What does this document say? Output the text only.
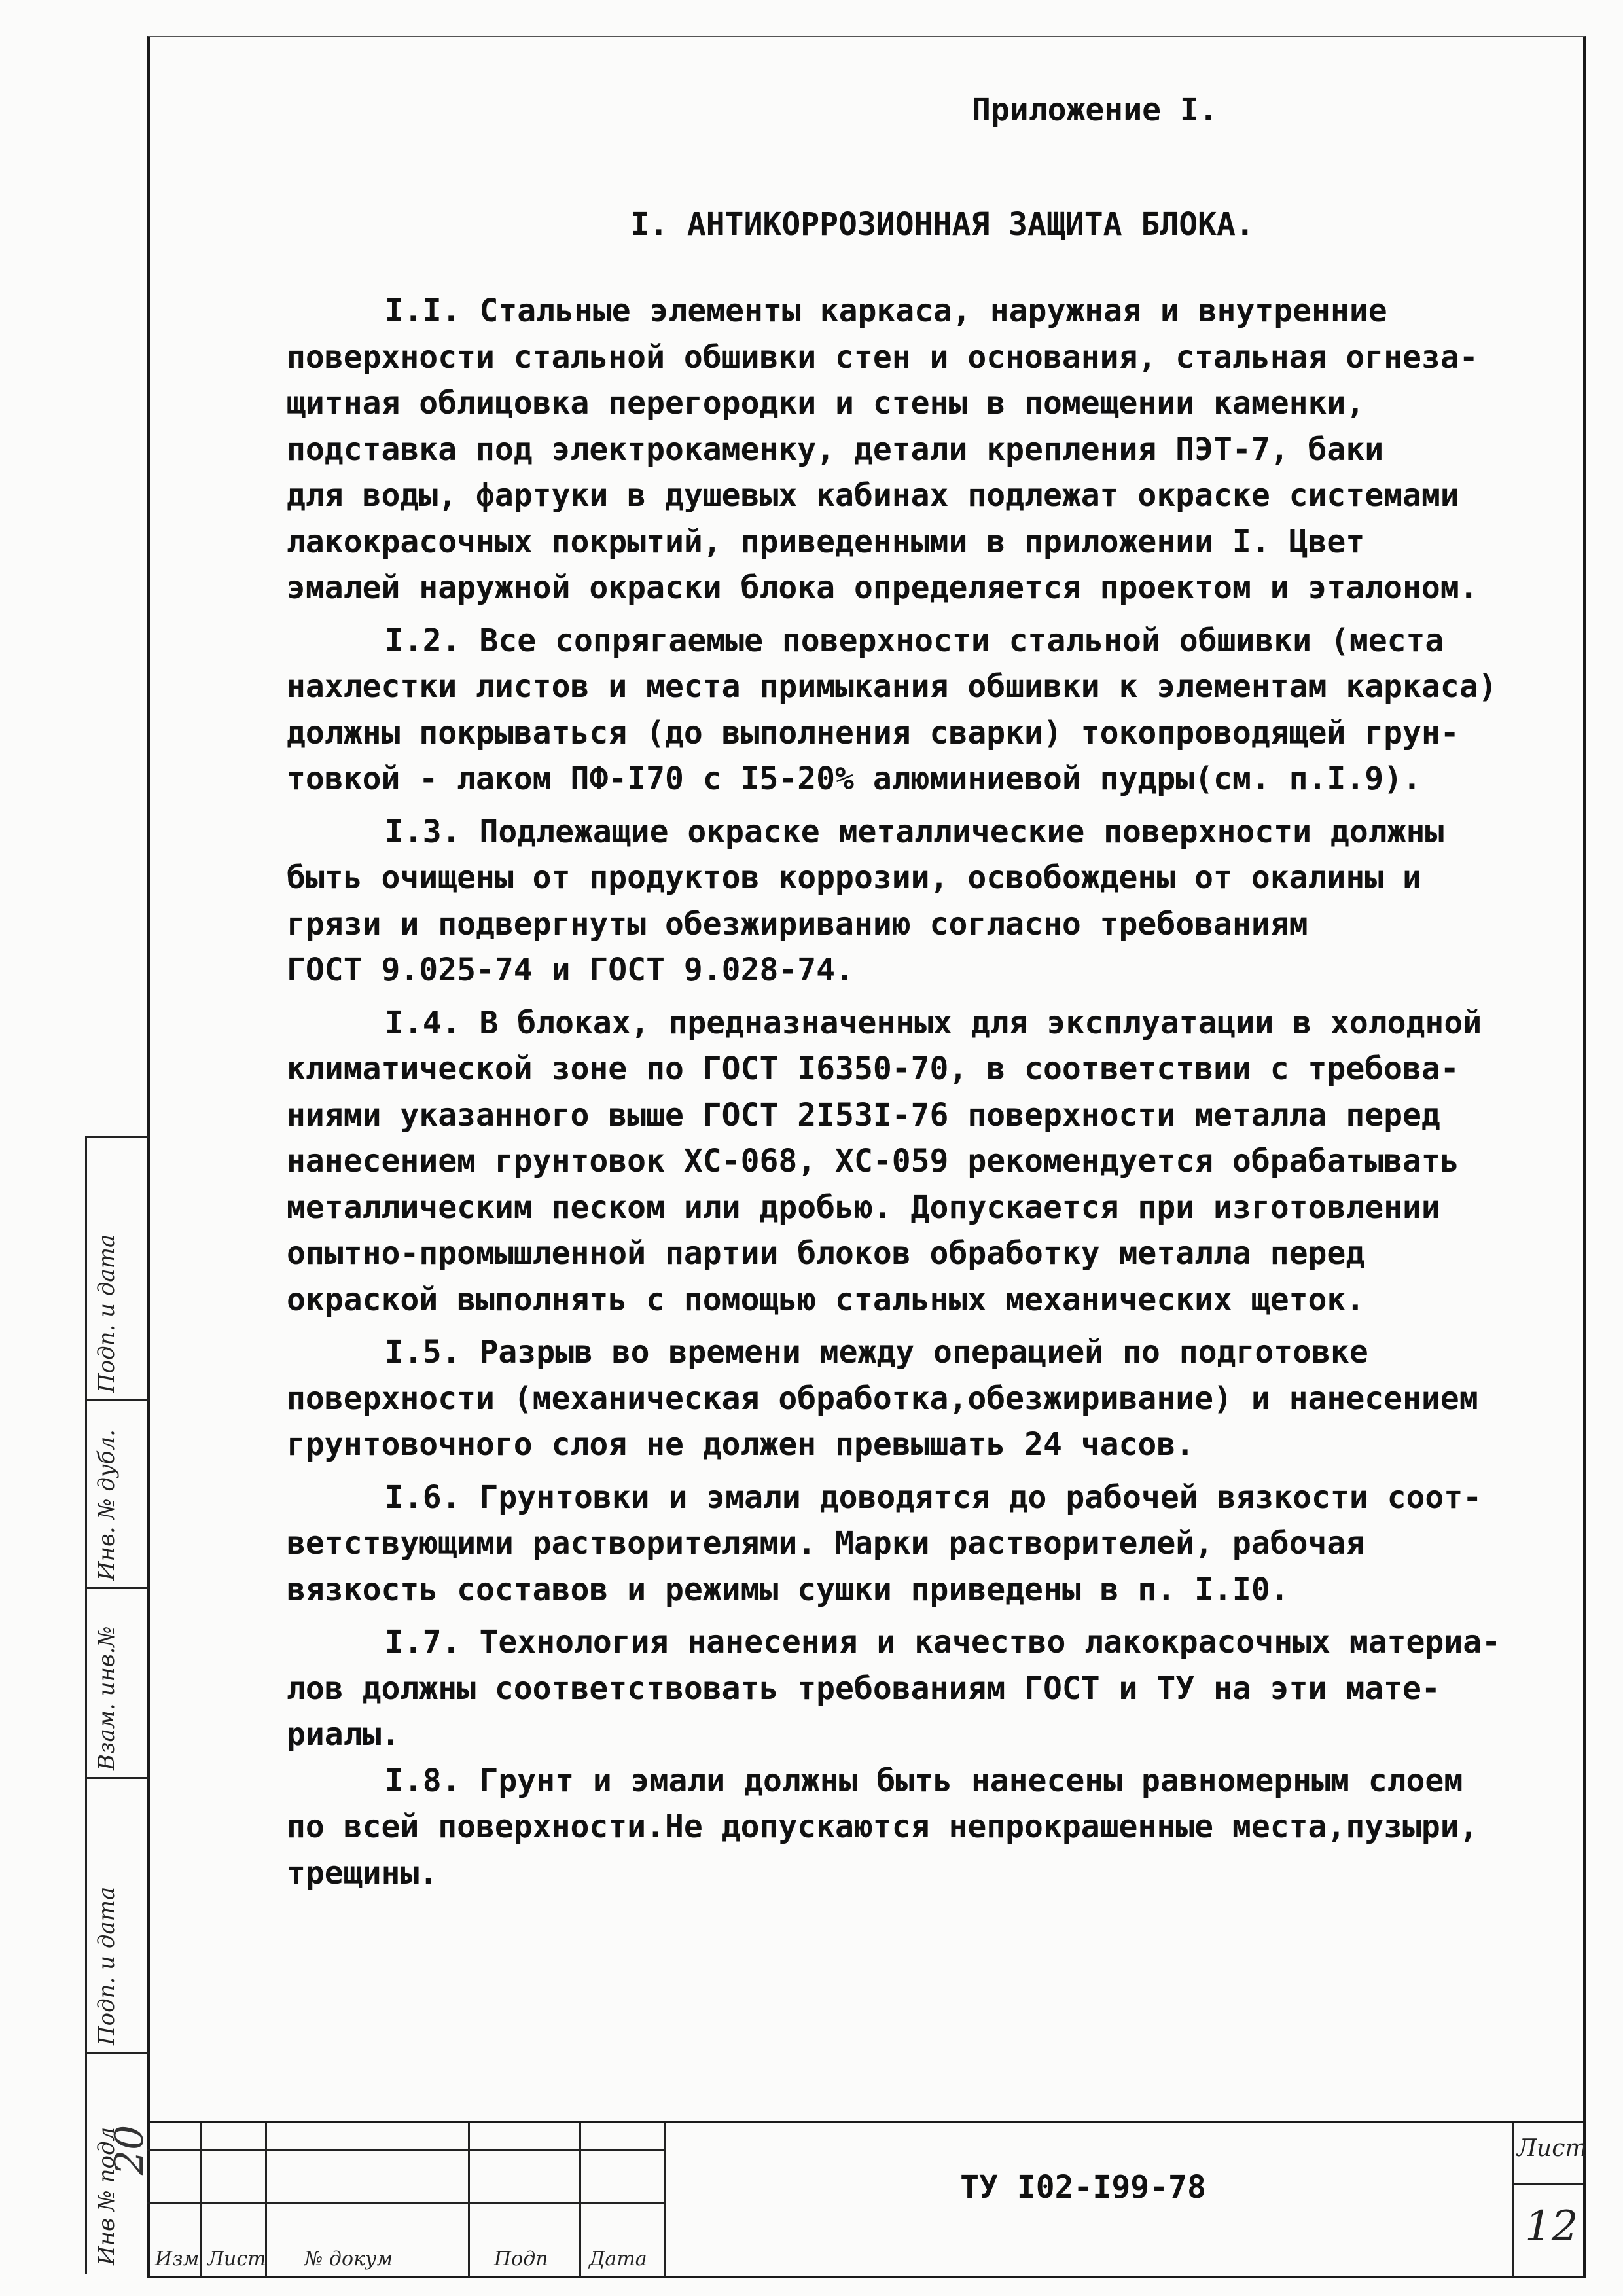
Приложение I.
I. АНТИКОРРОЗИОННАЯ ЗАЩИТА БЛОКА.
I.I. Стальные элементы каркаса, наружная и внутренние
поверхности стальной обшивки стен и основания, стальная огнеза-
щитная облицовка перегородки и стены в помещении каменки,
подставка под электрокаменку, детали крепления ПЭТ-7, баки
для воды, фартуки в душевых кабинах подлежат окраске системами
лакокрасочных покрытий, приведенными в приложении I. Цвет
эмалей наружной окраски блока определяется проектом и эталоном.
I.2. Все сопрягаемые поверхности стальной обшивки (места
нахлестки листов и места примыкания обшивки к элементам каркаса)
должны покрываться (до выполнения сварки) токопроводящей грун-
товкой - лаком ПФ-I70 с I5-20% алюминиевой пудры(см. п.I.9).
I.3. Подлежащие окраске металлические поверхности должны
быть очищены от продуктов коррозии, освобождены от окалины и
грязи и подвергнуты обезжириванию согласно требованиям
ГОСТ 9.025-74 и ГОСТ 9.028-74.
I.4. В блоках, предназначенных для эксплуатации в холодной
климатической зоне по ГОСТ I6350-70, в соответствии с требова-
ниями указанного выше ГОСТ 2I53I-76 поверхности металла перед
нанесением грунтовок ХС-068, ХС-059 рекомендуется обрабатывать
металлическим песком или дробью. Допускается при изготовлении
опытно-промышленной партии блоков обработку металла перед
окраской выполнять с помощью стальных механических щеток.
I.5. Разрыв во времени между операцией по подготовке
поверхности (механическая обработка,обезжиривание) и нанесением
грунтовочного слоя не должен превышать 24 часов.
I.6. Грунтовки и эмали доводятся до рабочей вязкости соот-
ветствующими растворителями. Марки растворителей, рабочая
вязкость составов и режимы сушки приведены в п. I.I0.
I.7. Технология нанесения и качество лакокрасочных материа-
лов должны соответствовать требованиям ГОСТ и ТУ на эти мате-
риалы.
I.8. Грунт и эмали должны быть нанесены равномерным слоем
по всей поверхности.Не допускаются непрокрашенные места,пузыри,
трещины.
Подп. и дата
Инв. № дубл.
Взам. инв.№
Подп. и дата
Инв № подл
20
Изм Лист № докум	Подп Дата
ТУ I02-I99-78
Лист
12
